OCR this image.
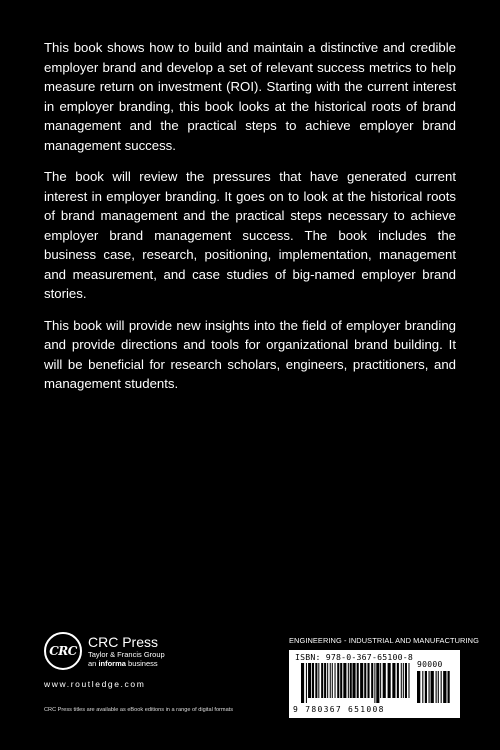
This book shows how to build and maintain a distinctive and credible employer brand and develop a set of relevant success metrics to help measure return on investment (ROI). Starting with the current interest in employer branding, this book looks at the historical roots of brand management and the practical steps to achieve employer brand management success.

The book will review the pressures that have generated current interest in employer branding. It goes on to look at the historical roots of brand management and the practical steps necessary to achieve employer brand management success. The book includes the business case, research, positioning, implementation, management and measurement, and case studies of big-named employer brand stories.

This book will provide new insights into the field of employer branding and provide directions and tools for organizational brand building. It will be beneficial for research scholars, engineers, practitioners, and management students.

CRC
CRC Press
Taylor & Francis Group
an informa business
www.routledge.com
CRC Press titles are available as eBook editions in a range of digital formats
ENGINEERING - INDUSTRIAL AND MANUFACTURING
ISBN: 978-0-367-65100-8
90000
9 780367 651008
